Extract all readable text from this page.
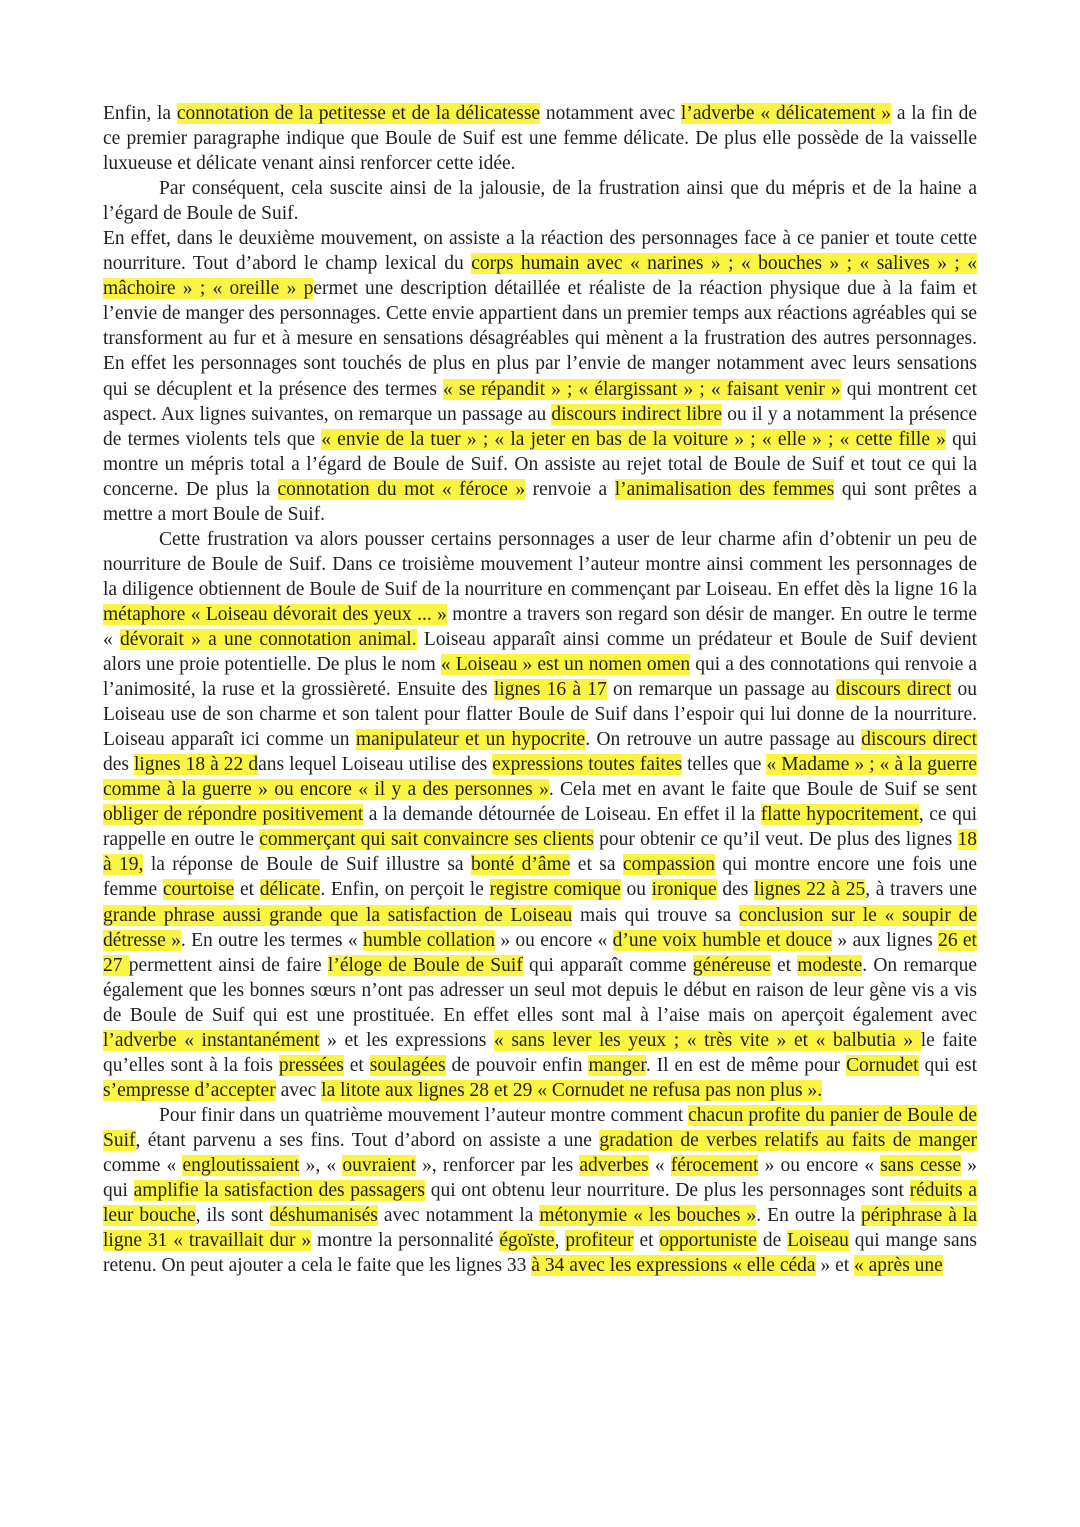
Enfin, la connotation de la petitesse et de la délicatesse notamment avec l’adverbe « délicatement » a la fin de ce premier paragraphe indique que Boule de Suif est une femme délicate. De plus elle possède de la vaisselle luxueuse et délicate venant ainsi renforcer cette idée.

Par conséquent, cela suscite ainsi de la jalousie, de la frustration ainsi que du mépris et de la haine a l’égard de Boule de Suif.

En effet, dans le deuxième mouvement, on assiste a la réaction des personnages face à ce panier et toute cette nourriture. Tout d’abord le champ lexical du corps humain avec « narines » ; « bouches » ; « salives » ; « mâchoire » ; « oreille » permet une description détaillée et réaliste de la réaction physique due à la faim et l’envie de manger des personnages. Cette envie appartient dans un premier temps aux réactions agréables qui se transforment au fur et à mesure en sensations désagréables qui mènent a la frustration des autres personnages. En effet les personnages sont touchés de plus en plus par l’envie de manger notamment avec leurs sensations qui se décuplent et la présence des termes « se répandit » ; « élargissant » ; « faisant venir » qui montrent cet aspect. Aux lignes suivantes, on remarque un passage au discours indirect libre ou il y a notamment la présence de termes violents tels que « envie de la tuer » ; « la jeter en bas de la voiture » ; « elle » ; « cette fille » qui montre un mépris total a l’égard de Boule de Suif. On assiste au rejet total de Boule de Suif et tout ce qui la concerne. De plus la connotation du mot « féroce » renvoie a l’animalisation des femmes qui sont prêtes a mettre a mort Boule de Suif.

Cette frustration va alors pousser certains personnages a user de leur charme afin d’obtenir un peu de nourriture de Boule de Suif. Dans ce troisième mouvement l’auteur montre ainsi comment les personnages de la diligence obtiennent de Boule de Suif de la nourriture en commençant par Loiseau. En effet dès la ligne 16 la métaphore « Loiseau dévorait des yeux ... » montre a travers son regard son désir de manger. En outre le terme « dévorait » a une connotation animal. Loiseau apparaît ainsi comme un prédateur et Boule de Suif devient alors une proie potentielle. De plus le nom « Loiseau » est un nomen omen qui a des connotations qui renvoie a l’animosité, la ruse et la grossièreté. Ensuite des lignes 16 à 17 on remarque un passage au discours direct ou Loiseau use de son charme et son talent pour flatter Boule de Suif dans l’espoir qui lui donne de la nourriture. Loiseau apparaît ici comme un manipulateur et un hypocrite. On retrouve un autre passage au discours direct des lignes 18 à 22 dans lequel Loiseau utilise des expressions toutes faites telles que « Madame » ; « à la guerre comme à la guerre » ou encore « il y a des personnes ». Cela met en avant le faite que Boule de Suif se sent obliger de répondre positivement a la demande détournée de Loiseau. En effet il la flatte hypocritement, ce qui rappelle en outre le commerçant qui sait convaincre ses clients pour obtenir ce qu’il veut. De plus des lignes 18 à 19, la réponse de Boule de Suif illustre sa bonté d’âme et sa compassion qui montre encore une fois une femme courtoise et délicate. Enfin, on perçoit le registre comique ou ironique des lignes 22 à 25, à travers une grande phrase aussi grande que la satisfaction de Loiseau mais qui trouve sa conclusion sur le « soupir de détresse ». En outre les termes « humble collation » ou encore « d’une voix humble et douce » aux lignes 26 et 27 permettent ainsi de faire l’éloge de Boule de Suif qui apparaît comme généreuse et modeste. On remarque également que les bonnes sœurs n’ont pas adresser un seul mot depuis le début en raison de leur gène vis a vis de Boule de Suif qui est une prostituée. En effet elles sont mal à l’aise mais on aperçoit également avec l’adverbe « instantanément » et les expressions « sans lever les yeux ; « très vite » et « balbutia » le faite qu’elles sont à la fois pressées et soulagées de pouvoir enfin manger. Il en est de même pour Cornudet qui est s’empresse d’accepter avec la litote aux lignes 28 et 29 « Cornudet ne refusa pas non plus ».

Pour finir dans un quatrième mouvement l’auteur montre comment chacun profite du panier de Boule de Suif, étant parvenu a ses fins. Tout d’abord on assiste a une gradation de verbes relatifs au faits de manger comme « engloutissaient », « ouvraient », renforcer par les adverbes « férocement » ou encore « sans cesse » qui amplifie la satisfaction des passagers qui ont obtenu leur nourriture. De plus les personnages sont réduits a leur bouche, ils sont déshumanisés avec notamment la métonymie « les bouches ». En outre la périphrase à la ligne 31 « travaillait dur » montre la personnalité égoïste, profiteur et opportuniste de Loiseau qui mange sans retenu. On peut ajouter a cela le faite que les lignes 33 à 34 avec les expressions « elle céda » et « après une
